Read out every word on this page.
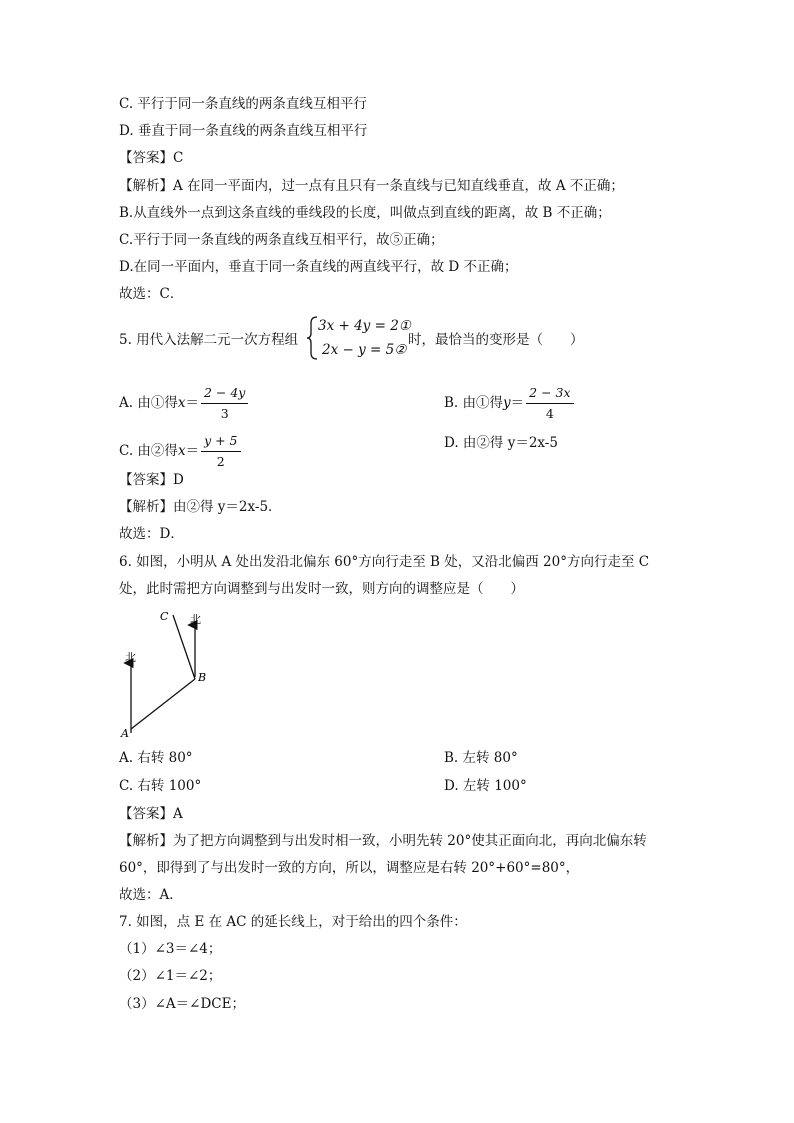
C. 平行于同一条直线的两条直线互相平行
D. 垂直于同一条直线的两条直线互相平行
【答案】C
【解析】A 在同一平面内，过一点有且只有一条直线与已知直线垂直，故 A 不正确；
B.从直线外一点到这条直线的垂线段的长度，叫做点到直线的距离，故 B 不正确；
C.平行于同一条直线的两条直线互相平行，故⑤正确；
D.在同一平面内，垂直于同一条直线的两直线平行，故 D 不正确；
故选：C．
5. 用代入法解二元一次方程组
3x + 4y = 2①
2x − y = 5②
时，最恰当的变形是（　　）
A. 由①得$x= \frac{2 - 4y}{3}$	B. 由①得$y= \frac{2 - 3x}{4}$
C. 由②得$x= \frac{y + 5}{2}$	D. 由②得 y＝2x-5
【答案】D
【解析】由②得 y＝2x-5．
故选：D．
6. 如图，小明从 A 处出发沿北偏东 60°方向行走至 B 处，又沿北偏西 20°方向行走至 C
处，此时需把方向调整到与出发时一致，则方向的调整应是（　　）
北
北
A
B
C
A. 右转 80°	B. 左转 80°
C. 右转 100°	D. 左转 100°
【答案】A
【解析】为了把方向调整到与出发时相一致，小明先转 20°使其正面向北，再向北偏东转
60°，即得到了与出发时一致的方向，所以，调整应是右转 20°+60°=80°，
故选：A．
7. 如图，点 E 在 AC 的延长线上，对于给出的四个条件：
（1）∠3＝∠4；
（2）∠1＝∠2；
（3）∠A＝∠DCE；
